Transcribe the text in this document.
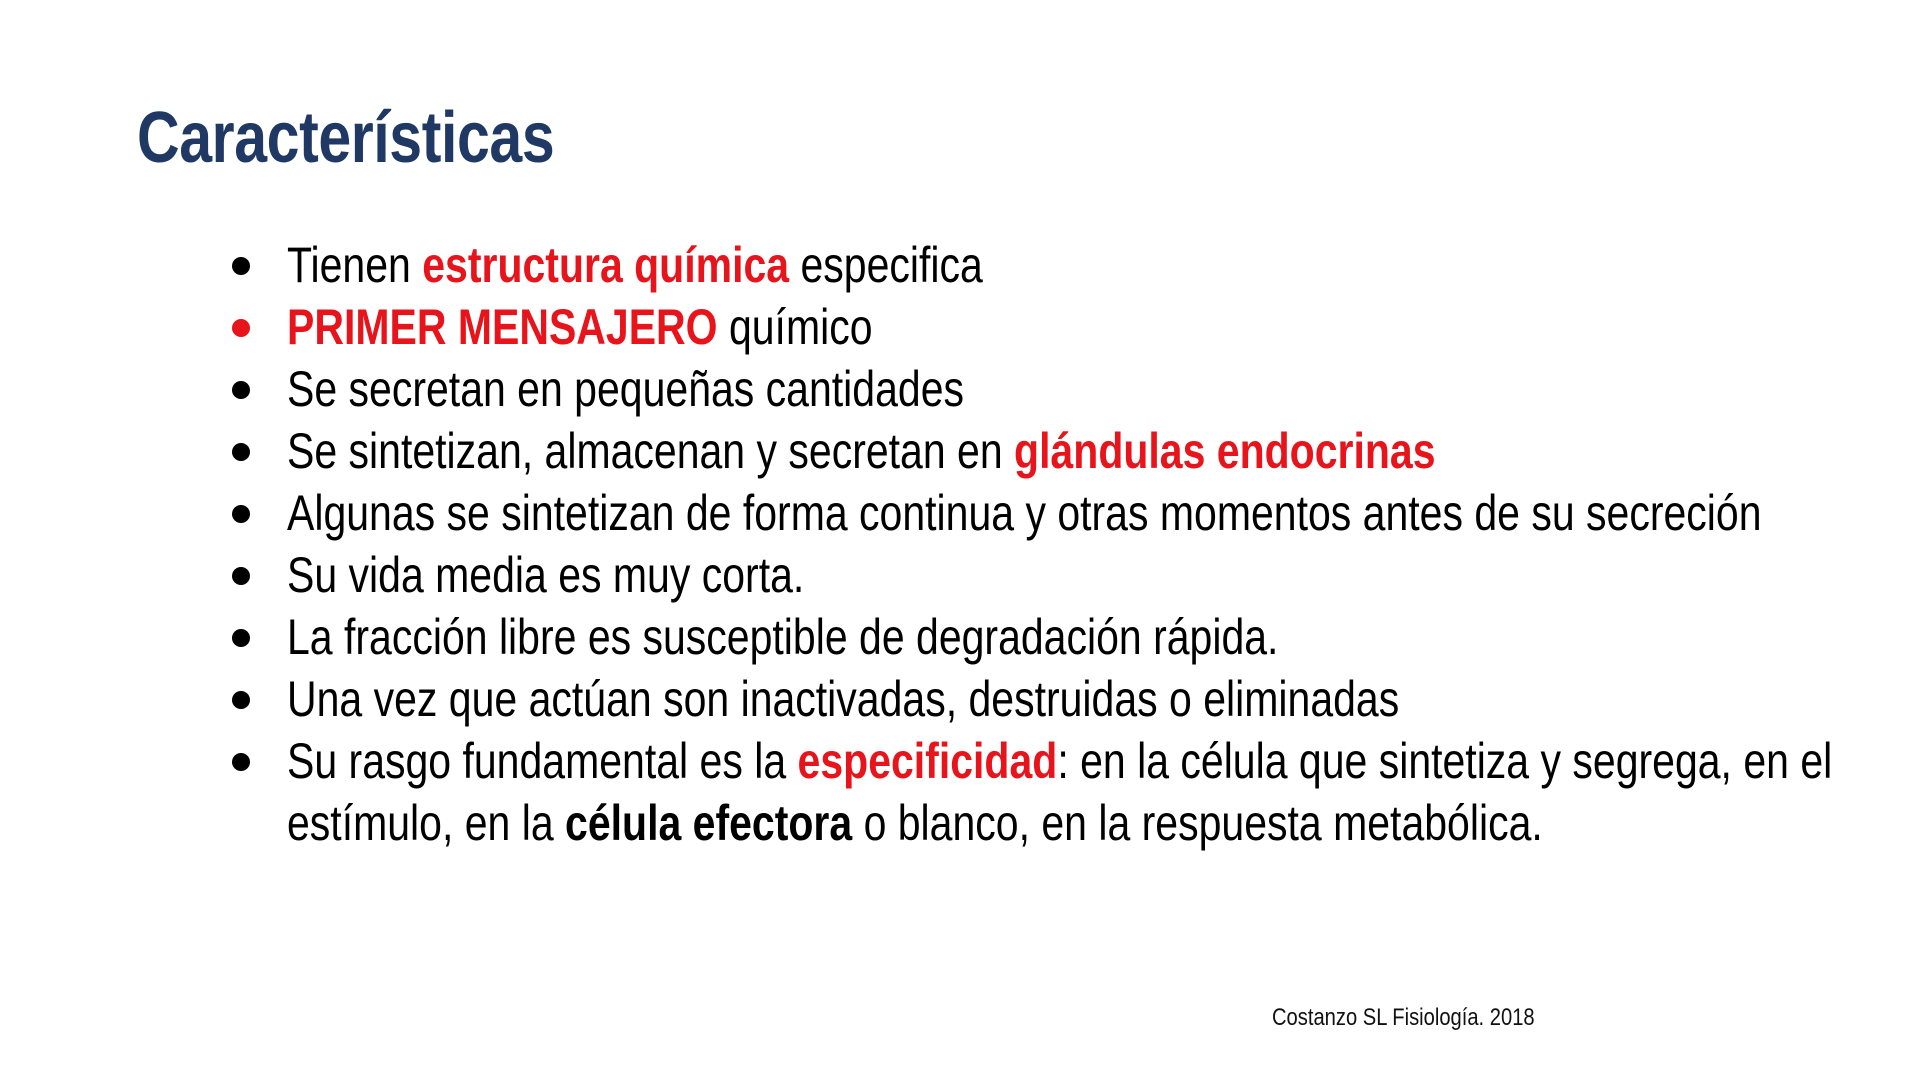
Características
Tienen estructura química especifica
PRIMER MENSAJERO químico
Se secretan en pequeñas cantidades
Se sintetizan, almacenan y secretan en glándulas endocrinas
Algunas se sintetizan de forma continua y otras momentos antes de su secreción
Su vida media es muy corta.
La fracción libre es susceptible de degradación rápida.
Una vez que actúan son inactivadas, destruidas o eliminadas
Su rasgo fundamental es la especificidad: en la célula que sintetiza y segrega, en el
estímulo, en la célula efectora o blanco, en la respuesta metabólica.
Costanzo SL Fisiología. 2018
